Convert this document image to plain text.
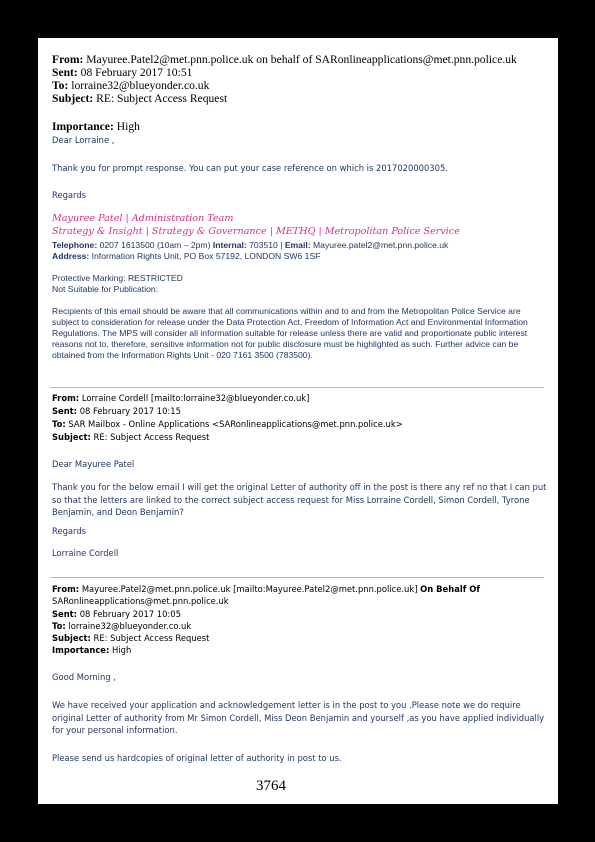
From: Mayuree.Patel2@met.pnn.police.uk on behalf of SARonlineapplications@met.pnn.police.uk
Sent: 08 February 2017 10:51
To: lorraine32@blueyonder.co.uk
Subject: RE: Subject Access Request
Importance: High
Dear Lorraine ,
Thank you for prompt response. You can put your case reference on which is 2017020000305.
Regards
Mayuree Patel | Administration Team
Strategy & Insight | Strategy & Governance | METHQ | Metropolitan Police Service
Telephone: 0207 1613500 (10am – 2pm) Internal: 703510 | Email: Mayuree.patel2@met.pnn.police.uk
Address: Information Rights Unit, PO Box 57192, LONDON SW6 1SF
Protective Marking: RESTRICTED
Not Suitable for Publication:
Recipients of this email should be aware that all communications within and to and from the Metropolitan Police Service are subject to consideration for release under the Data Protection Act, Freedom of Information Act and Environmental Information Regulations. The MPS will consider all information suitable for release unless there are valid and proportionate public interest reasons not to, therefore, sensitive information not for public disclosure must be highlighted as such. Further advice can be obtained from the Information Rights Unit - 020 7161 3500 (783500).
From: Lorraine Cordell [mailto:lorraine32@blueyonder.co.uk]
Sent: 08 February 2017 10:15
To: SAR Mailbox - Online Applications <SARonlineapplications@met.pnn.police.uk>
Subject: RE: Subject Access Request
Dear Mayuree Patel
Thank you for the below email I will get the original Letter of authority off in the post is there any ref no that I can put so that the letters are linked to the correct subject access request for Miss Lorraine Cordell, Simon Cordell, Tyrone Benjamin, and Deon Benjamin?
Regards
Lorraine Cordell
From: Mayuree.Patel2@met.pnn.police.uk [mailto:Mayuree.Patel2@met.pnn.police.uk] On Behalf Of
SARonlineapplications@met.pnn.police.uk
Sent: 08 February 2017 10:05
To: lorraine32@blueyonder.co.uk
Subject: RE: Subject Access Request
Importance: High
Good Morning ,
We have received your application and acknowledgement letter is in the post to you .Please note we do require original Letter of authority from Mr Simon Cordell, Miss Deon Benjamin and yourself ,as you have applied individually for your personal information.
Please send us hardcopies of original letter of authority in post to us.
3764
